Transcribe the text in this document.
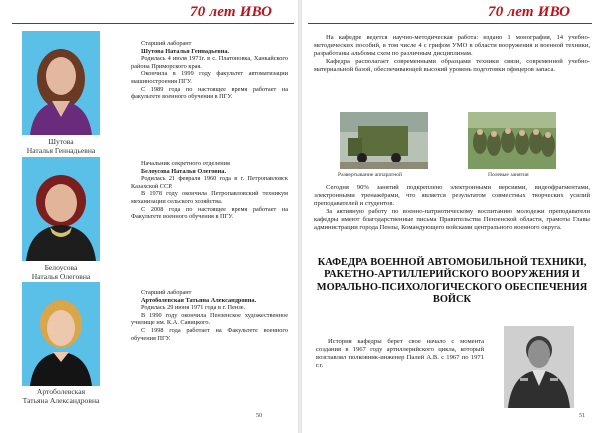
70 лет ИВО
Шутова
Наталья Геннадьевна

Старший лаборант

Шутова Наталья Геннадьевна.

Родилась 4 июля 1971г. в с. Платоновка, Ханкайского района Приморского края.

Окончила в 1999 году факультет автоматизации машиностроения ПГУ.

С 1989 года по настоящее время работает на факультете военного обучения в ПГУ.

Белоусова
Наталья Олеговна

Начальник секретного отделения

Белоусова Наталья Олеговна.

Родилась 21 февраля 1960 года в г. Петропавловск Казахской ССР.

В 1978 году окончила Петропавловский техникум механизации сельского хозяйства.

С 2008 года по настоящее время работает на Факультете военного обучения в ПГУ.

Артоболевская
Татьяна Александровна

Старший лаборант

Артоболевская Татьяна Александровна.

Родилась 29 июня 1971 года в г. Пензе.

В 1990 году окончила Пензенское художественное училище им. К.А. Савицкого.

С 1998 года работает на Факультете военного обучения ПГУ.

50
70 лет ИВО

На кафедре ведется научно-методическая работа: издано 1 монография, 14 учебно-методических пособий, в том числе 4 с грифом УМО в области вооружения и военной техники, разработаны альбомы схем по различным дисциплинам.

Кафедра располагает современными образцами техники связи, современной учебно-материальной базой, обеспечивающей высокий уровень подготовки офицеров запаса.

Развертывание аппаратной	Полевые занятия

Сегодня 90% занятий подкреплено электронными версиями, видеофрагментами, электронными тренажёрами, что является результатом совместных творческих усилий преподавателей и студентов.

За активную работу по военно-патриотическому воспитанию молодежи преподаватели кафедры имеют благодарственные письма Правительства Пензенской области, грамоты Главы администрации города Пензы, Командующего войсками центрального военного округа.

КАФЕДРА ВОЕННОЙ АВТОМОБИЛЬНОЙ ТЕХНИКИ, РАКЕТНО-АРТИЛЛЕРИЙСКОГО ВООРУЖЕНИЯ И МОРАЛЬНО-ПСИХОЛОГИЧЕСКОГО ОБЕСПЕЧЕНИЯ ВОЙСК

История кафедры берет свое начало с момента создания в 1967 году артиллерийского цикла, который возглавлял полковник-инженер Палей А.В. с 1967 по 1971 г.г.

51
